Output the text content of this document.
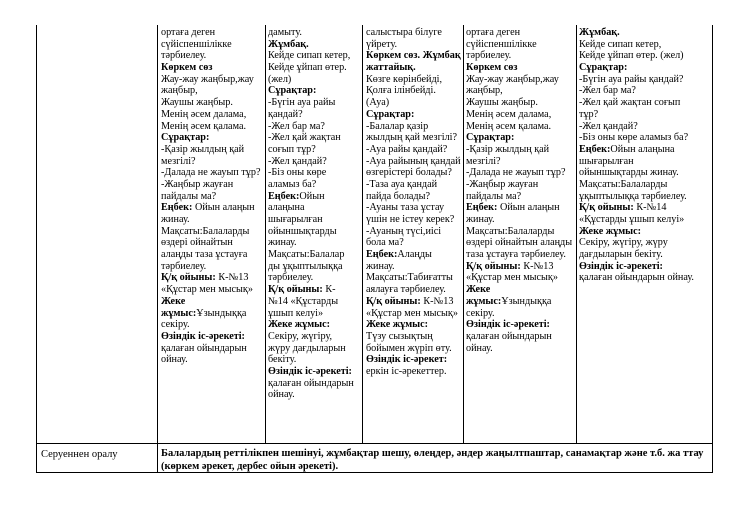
ортаға деген
сүйіспеншілікке
тәрбиелеу.
Көркем сөз
Жау-жау жаңбыр,жау
жаңбыр,
Жаушы жаңбыр.
Менің әсем далама,
Менің әсем қалама.
Сұрақтар:
-Қазір жылдың қай
мезгілі?
-Далада не жауып тұр?
-Жаңбыр жауған
пайдалы ма?
Еңбек: Ойын алаңын
жинау.
Мақсаты:Балаларды
өздері ойнайтын
алаңды таза ұстауға
тәрбиелеу.
Қ/қ ойыны: К-№13
«Құстар мен мысық»
Жеке
жұмыс:Ұзындыққа
секіру.
Өзіндік іс-әрекеті:
қалаған ойындарын
ойнау.
дамыту.
Жұмбақ.
Кейде сипап кетер,
Кейде ұйпап өтер.
(жел)
Сұрақтар:
-Бүгін ауа райы
қандай?
-Жел бар ма?
-Жел қай жақтан
соғып тұр?
-Жел қандай?
-Біз оны көре
аламыз ба?
Еңбек:Ойын
алаңына
шығарылған
ойыншықтарды
жинау.
Мақсаты:Балалар
ды ұқыптылыққа
тәрбиелеу.
Қ/қ ойыны: К-
№14 «Құстарды
ұшып келуі»
Жеке жұмыс:
Секіру, жүгіру,
жүру дағдыларын
бекіту.
Өзіндік іс-әрекеті:
қалаған ойындарын
ойнау.
салыстыра білуге
үйрету.
Көркем сөз. Жұмбақ
жаттайық.
Көзге көрінбейді,
Қолға ілінбейді.
(Ауа)
Сұрақтар:
-Балалар қазір
жылдың қай мезгілі?
-Ауа райы қандай?
-Ауа райының қандай
өзгерістері болады?
-Таза ауа қандай
пайда болады?
-Ауаны таза ұстау
үшін не істеу керек?
-Ауаның түсі,иісі
бола ма?
Еңбек:Алаңды
жинау.
Мақсаты:Табиғатты
аялауға тәрбиелеу.
Қ/қ ойыны: К-№13
«Құстар мен мысық»
Жеке жұмыс:
Түзу сызықтың
бойымен жүріп өту.
Өзіндік іс-әрекет:
еркін іс-әрекеттер.
ортаға деген
сүйіспеншілікке
тәрбиелеу.
Көркем сөз
Жау-жау жаңбыр,жау
жаңбыр,
Жаушы жаңбыр.
Менің әсем далама,
Менің әсем қалама.
Сұрақтар:
-Қазір жылдың қай
мезгілі?
-Далада не жауып тұр?
-Жаңбыр жауған
пайдалы ма?
Еңбек: Ойын алаңын
жинау.
Мақсаты:Балаларды
өздері ойнайтын алаңды
таза ұстауға тәрбиелеу.
Қ/қ ойыны: К-№13
«Құстар мен мысық»
Жеке
жұмыс:Ұзындыққа
секіру.
Өзіндік іс-әрекеті:
қалаған ойындарын
ойнау.
Жұмбақ.
Кейде сипап кетер,
Кейде ұйпап өтер. (жел)
Сұрақтар:
-Бүгін ауа райы қандай?
-Жел бар ма?
-Жел қай жақтан соғып
тұр?
-Жел қандай?
-Біз оны көре аламыз ба?
Еңбек:Ойын алаңына
шығарылған
ойыншықтарды жинау.
Мақсаты:Балаларды
ұқыптылыққа тәрбиелеу.
Қ/қ ойыны: К-№14
«Құстарды ұшып келуі»
Жеке жұмыс:
Секіру, жүгіру, жүру
дағдыларын бекіту.
Өзіндік іс-әрекеті:
қалаған ойындарын ойнау.
Серуеннен оралу	Балалардың реттілікпен шешінуі, жұмбақтар шешу, өлеңдер, әндер жаңылтпаштар, санамақтар және т.б. жа ттау (көркем әрекет, дербес ойын әрекеті).
